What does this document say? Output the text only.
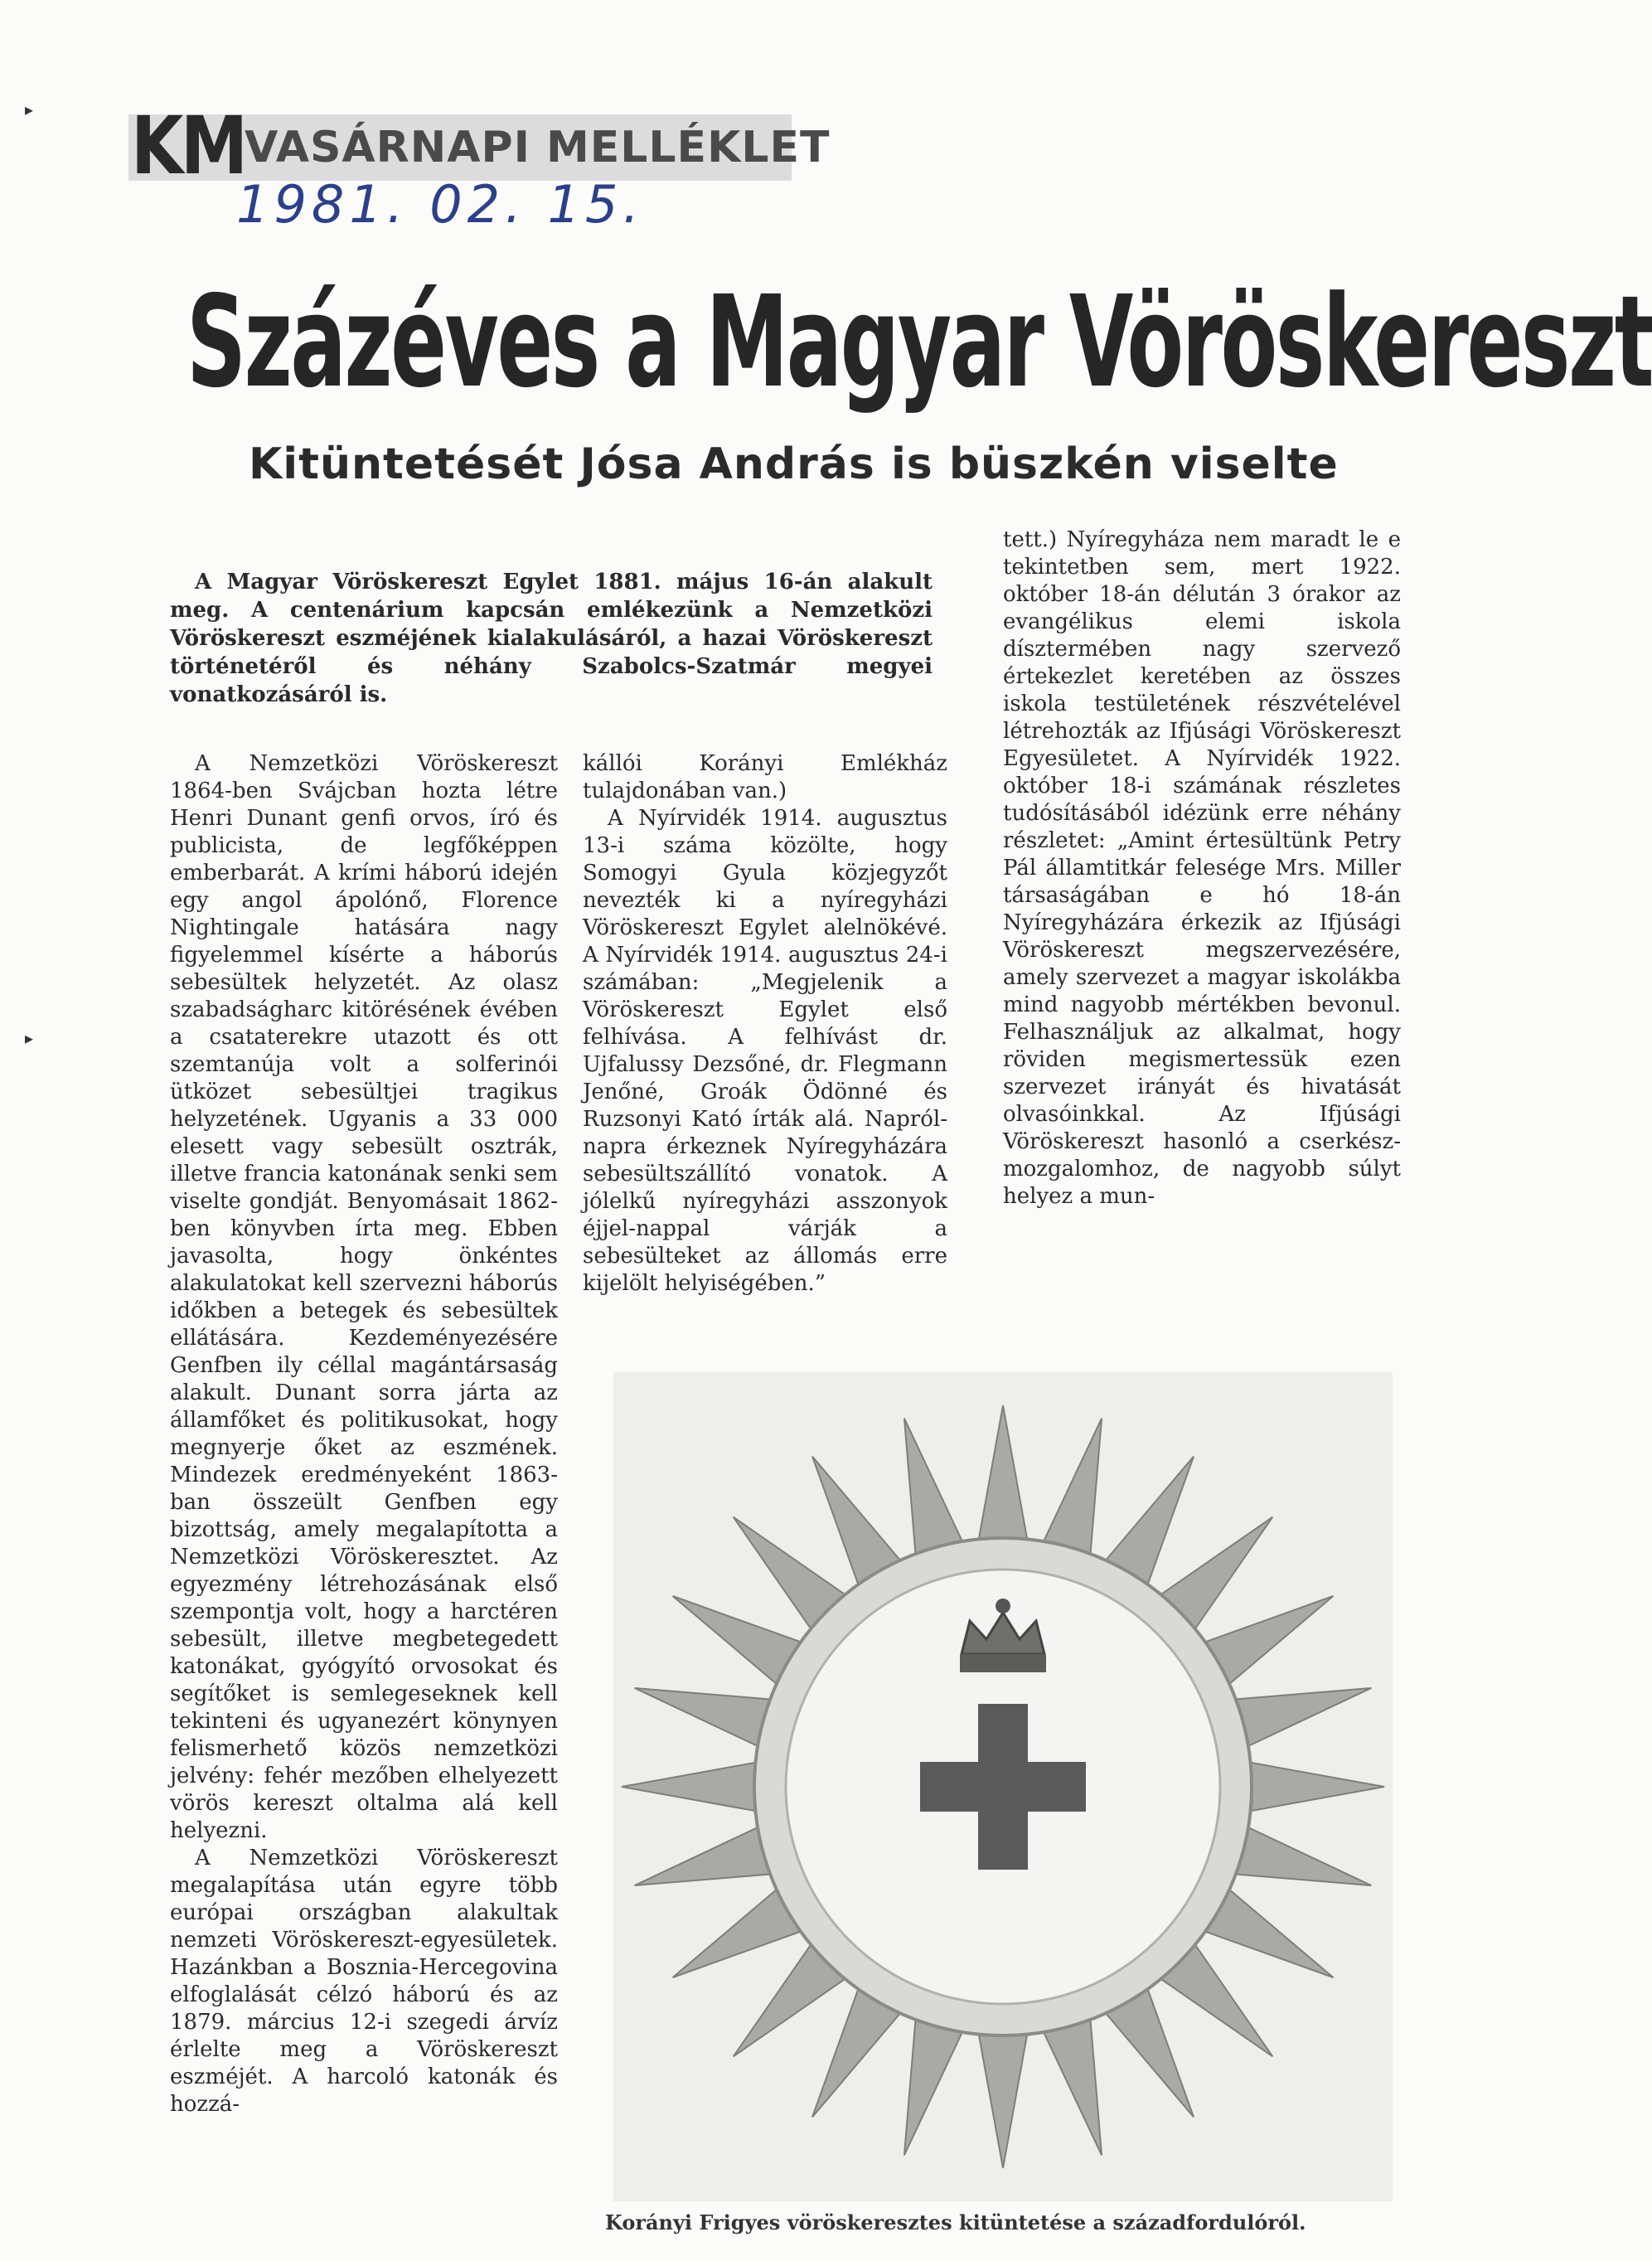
KM VASÁRNAPI MELLÉKLET
1981. 02. 15.
Százéves a Magyar Vöröskereszt
Kitüntetését Jósa András is büszkén viselte
A Magyar Vöröskereszt Egylet 1881. május 16-án alakult meg. A centenárium kapcsán emlékezünk a Nemzetközi Vöröskereszt eszméjének kialakulásáról, a hazai Vöröskereszt történetéről és néhány Szabolcs-Szatmár megyei vonatkozásáról is.

A Nemzetközi Vöröskereszt 1864-ben Svájcban hozta létre Henri Dunant genfi orvos, író és publicista, de legfőképpen emberbarát. A krími háború idején egy angol ápolónő, Florence Nightingale hatására nagy figyelemmel kísérte a háborús sebesültek helyzetét. Az olasz szabadságharc kitörésének évében a csataterekre utazott és ott szemtanúja volt a solferinói ütközet sebesültjei tragikus helyzetének. Ugyanis a 33 000 elesett vagy sebesült osztrák, illetve francia katonának senki sem viselte gondját. Benyomásait 1862-ben könyvben írta meg. Ebben javasolta, hogy önkéntes alakulatokat kell szervezni háborús időkben a betegek és sebesültek ellátására. Kezdeményezésére Genfben ily céllal magántársaság alakult. Dunant sorra járta az államfőket és politikusokat, hogy megnyerje őket az eszmének. Mindezek eredményeként 1863-ban összeült Genfben egy bizottság, amely megalapította a Nemzetközi Vöröskeresztet. Az egyezmény létrehozásának első szempontja volt, hogy a harctéren sebesült, illetve megbetegedett katonákat, gyógyító orvosokat és segítőket is semlegeseknek kell tekinteni és ugyanezért könynyen felismerhető közös nemzetközi jelvény: fehér mezőben elhelyezett vörös kereszt oltalma alá kell helyezni.

A Nemzetközi Vöröskereszt megalapítása után egyre több európai országban alakultak nemzeti Vöröskereszt-egyesületek. Hazánkban a Bosznia-Hercegovina elfoglalását célzó háború és az 1879. március 12-i szegedi árvíz érlelte meg a Vöröskereszt eszméjét. A harcoló katonák és hozzá-

kállói Korányi Emlékház tulajdonában van.)

A Nyírvidék 1914. augusztus 13-i száma közölte, hogy Somogyi Gyula közjegyzőt nevezték ki a nyíregyházi Vöröskereszt Egylet alelnökévé. A Nyírvidék 1914. augusztus 24-i számában: „Megjelenik a Vöröskereszt Egylet első felhívása. A felhívást dr. Ujfalussy Dezsőné, dr. Flegmann Jenőné, Groák Ödönné és Ruzsonyi Kató írták alá. Napról-napra érkeznek Nyíregyházára sebesültszállító vonatok. A jólelkű nyíregyházi asszonyok éjjel-nappal várják a sebesülteket az állomás erre kijelölt helyiségében.”

tett.) Nyíregyháza nem maradt le e tekintetben sem, mert 1922. október 18-án délután 3 órakor az evangélikus elemi iskola dísztermében nagy szervező értekezlet keretében az összes iskola testületének részvételével létrehozták az Ifjúsági Vöröskereszt Egyesületet. A Nyírvidék 1922. október 18-i számának részletes tudósításából idézünk erre néhány részletet: „Amint értesültünk Petry Pál államtitkár felesége Mrs. Miller társaságában e hó 18-án Nyíregyházára érkezik az Ifjúsági Vöröskereszt megszervezésére, amely szervezet a magyar iskolákba mind nagyobb mértékben bevonul. Felhasználjuk az alkalmat, hogy röviden megismertessük ezen szervezet irányát és hivatását olvasóinkkal. Az Ifjúsági Vöröskereszt hasonló a cserkész-mozgalomhoz, de nagyobb súlyt helyez a mun-

Korányi Frigyes vöröskeresztes kitüntetése a századfordulóról.
▸
▸
